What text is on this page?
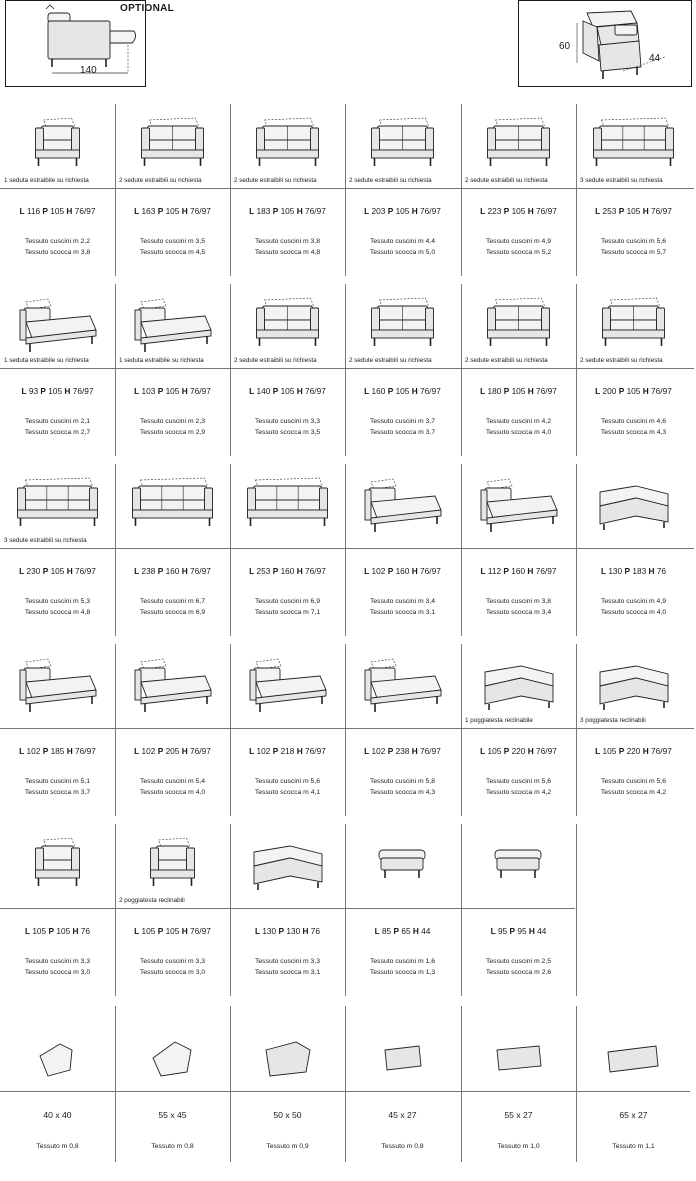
OPTIONAL
140
60
44
1 seduta estraibile su richiesta
L 116 P 105 H 76/97
Tessuto cuscini m 2,2
Tessuto scocca m 3,8
2 sedute estraibili su richiesta
L 163 P 105 H 76/97
Tessuto cuscini m 3,5
Tessuto scocca m 4,5
2 sedute estraibili su richiesta
L 183 P 105 H 76/97
Tessuto cuscini m 3,8
Tessuto scocca m 4,8
2 sedute estraibili su richiesta
L 203 P 105 H 76/97
Tessuto cuscini m 4,4
Tessuto scocca m 5,0
2 sedute estraibili su richiesta
L 223 P 105 H 76/97
Tessuto cuscini m 4,9
Tessuto scocca m 5,2
3 sedute estraibili su richiesta
L 253 P 105 H 76/97
Tessuto cuscini m 5,6
Tessuto scocca m 5,7
1 seduta estraibile su richiesta
L 93 P 105 H 76/97
Tessuto cuscini m 2,1
Tessuto scocca m 2,7
1 seduta estraibile su richiesta
L 103 P 105 H 76/97
Tessuto cuscini m 2,3
Tessuto scocca m 2,9
2 sedute estraibili su richiesta
L 140 P 105 H 76/97
Tessuto cuscini m 3,3
Tessuto scocca m 3,5
2 sedute estraibili su richiesta
L 160 P 105 H 76/97
Tessuto cuscini m 3,7
Tessuto scocca m 3,7
2 sedute estraibili su richiesta
L 180 P 105 H 76/97
Tessuto cuscini m 4,2
Tessuto scocca m 4,0
2 sedute estraibili su richiesta
L 200 P 105 H 76/97
Tessuto cuscini m 4,6
Tessuto scocca m 4,3
3 sedute estraibili su richiesta
L 230 P 105 H 76/97
Tessuto cuscini m 5,3
Tessuto scocca m 4,8
L 238 P 160 H 76/97
Tessuto cuscini m 6,7
Tessuto scocca m 6,9
L 253 P 160 H 76/97
Tessuto cuscini m 6,9
Tessuto scocca m 7,1
L 102 P 160 H 76/97
Tessuto cuscini m 3,4
Tessuto scocca m 3,1
L 112 P 160 H 76/97
Tessuto cuscini m 3,8
Tessuto scocca m 3,4
L 130 P 183 H 76
Tessuto cuscini m 4,9
Tessuto scocca m 4,0
L 102 P 185 H 76/97
Tessuto cuscini m 5,1
Tessuto scocca m 3,7
L 102 P 205 H 76/97
Tessuto cuscini m 5,4
Tessuto scocca m 4,0
L 102 P 218 H 76/97
Tessuto cuscini m 5,6
Tessuto scocca m 4,1
L 102 P 238 H 76/97
Tessuto cuscini m 5,8
Tessuto scocca m 4,3
1 poggiatesta reclinabile
L 105 P 220 H 76/97
Tessuto cuscini m 5,6
Tessuto scocca m 4,2
3 poggiatesta reclinabili
L 105 P 220 H 76/97
Tessuto cuscini m 5,6
Tessuto scocca m 4,2
L 105 P 105 H 76
Tessuto cuscini m 3,3
Tessuto scocca m 3,0
2 poggiatesta reclinabili
L 105 P 105 H 76/97
Tessuto cuscini m 3,3
Tessuto scocca m 3,0
L 130 P 130 H 76
Tessuto cuscini m 3,3
Tessuto scocca m 3,1
L 85 P 65 H 44
Tessuto cuscini m 1,6
Tessuto scocca m 1,3
L 95 P 95 H 44
Tessuto cuscini m 2,5
Tessuto scocca m 2,6
40 x 40
Tessuto m 0,8
55 x 45
Tessuto m 0,8
50 x 50
Tessuto m 0,9
45 x 27
Tessuto m 0,8
55 x 27
Tessuto m 1,0
65 x 27
Tessuto m 1,1
